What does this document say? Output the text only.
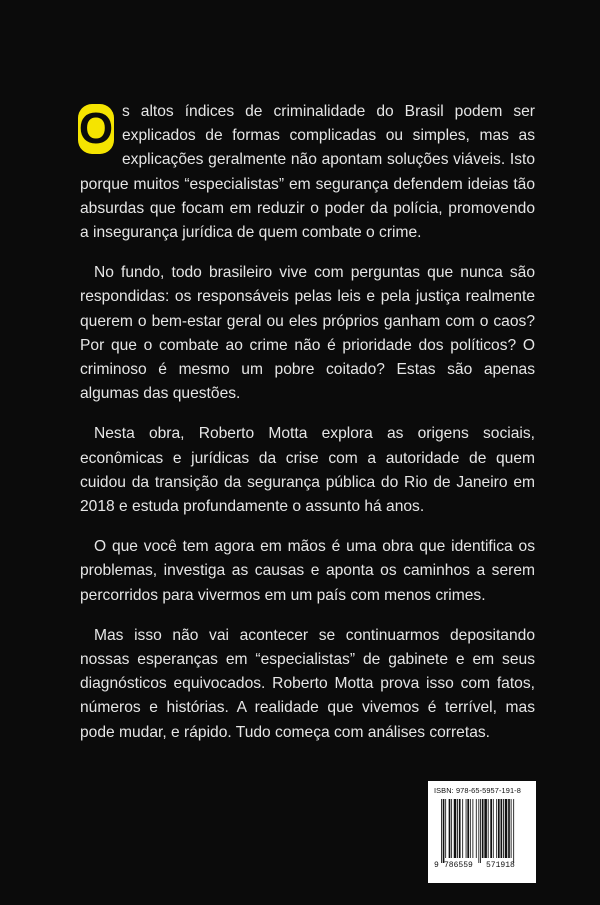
O s altos índices de criminalidade do Brasil podem ser explicados de formas complicadas ou simples, mas as explicações geralmente não apontam soluções viáveis. Isto porque muitos “especialistas” em segurança defendem ideias tão absurdas que focam em reduzir o poder da polícia, promovendo a insegurança jurídica de quem combate o crime.

No fundo, todo brasileiro vive com perguntas que nunca são respondidas: os responsáveis pelas leis e pela justiça realmente querem o bem-estar geral ou eles próprios ganham com o caos? Por que o combate ao crime não é prioridade dos políticos? O criminoso é mesmo um pobre coitado? Estas são apenas algumas das questões.

Nesta obra, Roberto Motta explora as origens sociais, econômicas e jurídicas da crise com a autoridade de quem cuidou da transição da segurança pública do Rio de Janeiro em 2018 e estuda profundamente o assunto há anos.

O que você tem agora em mãos é uma obra que identifica os problemas, investiga as causas e aponta os caminhos a serem percorridos para vivermos em um país com menos crimes.

Mas isso não vai acontecer se continuarmos depositando nossas esperanças em “especialistas” de gabinete e em seus diagnósticos equivocados. Roberto Motta prova isso com fatos, números e histórias. A realidade que vivemos é terrível, mas pode mudar, e rápido. Tudo começa com análises corretas.

ISBN: 978-65-5957-191-8
9 786559 571918
